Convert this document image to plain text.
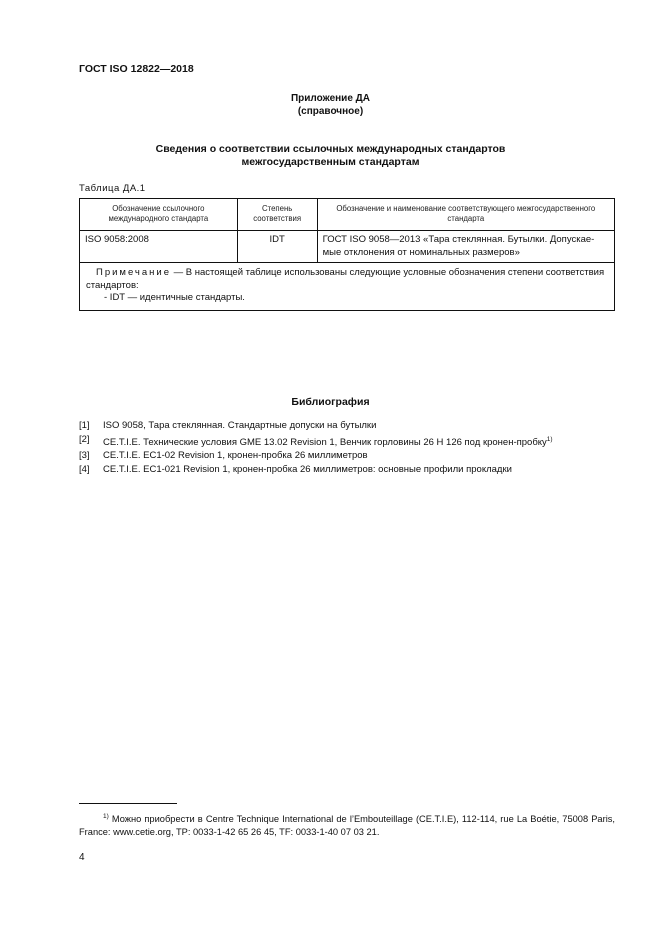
ГОСТ ISO 12822—2018
Приложение ДА
(справочное)
Сведения о соответствии ссылочных международных стандартов
межгосударственным стандартам
Таблица ДА.1
Обозначение ссылочного международного стандарта	Степень соответствия	Обозначение и наименование соответствующего межгосударственного стандарта
ISO 9058:2008	IDT	ГОСТ ISO 9058—2013 «Тара стеклянная. Бутылки. Допускаемые отклонения от номинальных размеров»
Примечание — В настоящей таблице использованы следующие условные обозначения степени соответствия стандартов:
- IDT — идентичные стандарты.		
Библиография
[1]	ISO 9058, Тара стеклянная. Стандартные допуски на бутылки
[2]	CE.T.I.E. Технические условия GME 13.02 Revision 1, Венчик горловины 26 Н 126 под кронен-пробку$^{1)}$
[3]	CE.T.I.E. EC1-02 Revision 1, кронен-пробка 26 миллиметров
[4]	CE.T.I.E. EC1-021 Revision 1, кронен-пробка 26 миллиметров: основные профили прокладки
$^{1)}$ Можно приобрести в Centre Technique International de l’Embouteillage (CE.T.I.E), 112-114, rue La Boétie, 75008 Paris, France: www.cetie.org, TP: 0033-1-42 65 26 45, TF: 0033-1-40 07 03 21.
4
